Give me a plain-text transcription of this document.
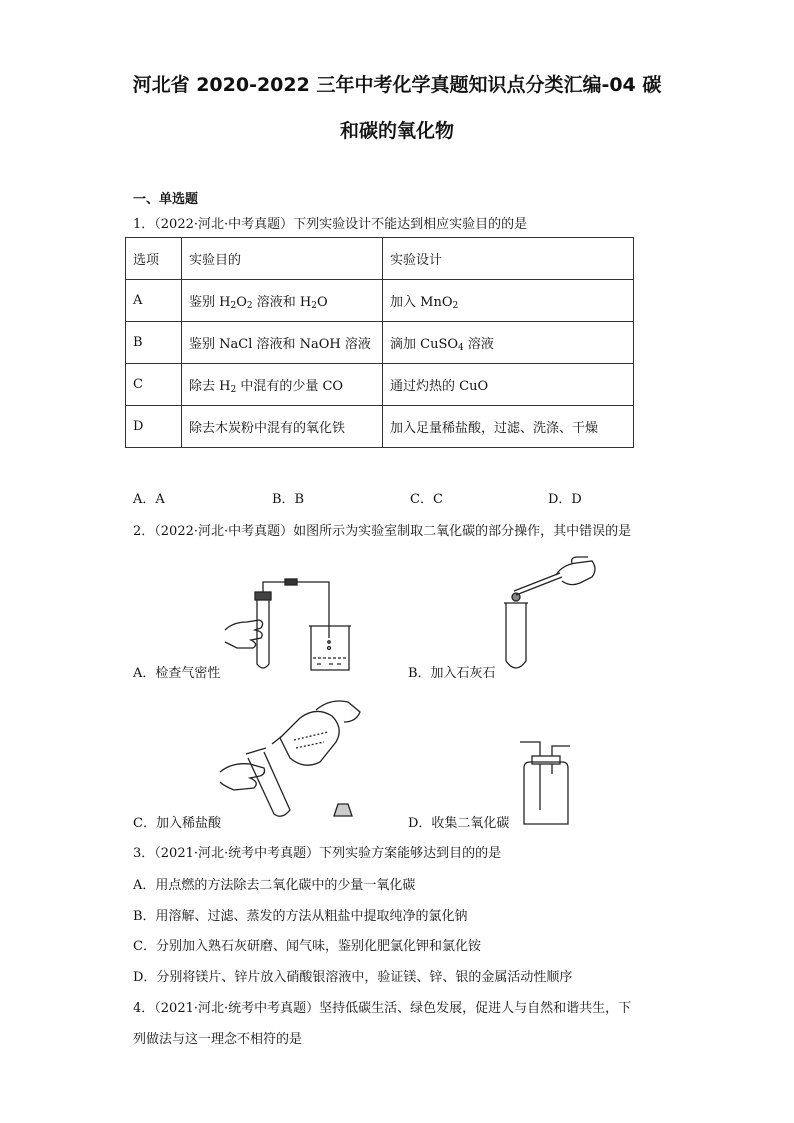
河北省 2020-2022 三年中考化学真题知识点分类汇编-04 碳
和碳的氧化物
一、单选题
1．（2022·河北·中考真题）下列实验设计不能达到相应实验目的的是
选项	实验目的	实验设计
A	鉴别 $H_2O_2$ 溶液和 $H_2O$	加入 MnO$_2$
B	鉴别 NaCl 溶液和 NaOH 溶液	滴加 CuSO$_4$ 溶液
C	除去 $H_2$ 中混有的少量 CO	通过灼热的 CuO
D	除去木炭粉中混有的氧化铁	加入足量稀盐酸，过滤、洗涤、干燥
A．A	B．B	C．C	D．D
2．（2022·河北·中考真题）如图所示为实验室制取二氧化碳的部分操作，其中错误的是
A．检查气密性	B．加入石灰石
C．加入稀盐酸	D．收集二氧化碳
3．（2021·河北·统考中考真题）下列实验方案能够达到目的的是
A．用点燃的方法除去二氧化碳中的少量一氧化碳
B．用溶解、过滤、蒸发的方法从粗盐中提取纯净的氯化钠
C．分别加入熟石灰研磨、闻气味，鉴别化肥氯化钾和氯化铵
D．分别将镁片、锌片放入硝酸银溶液中，验证镁、锌、银的金属活动性顺序
4．（2021·河北·统考中考真题）坚持低碳生活、绿色发展，促进人与自然和谐共生，下
列做法与这一理念不相符的是
